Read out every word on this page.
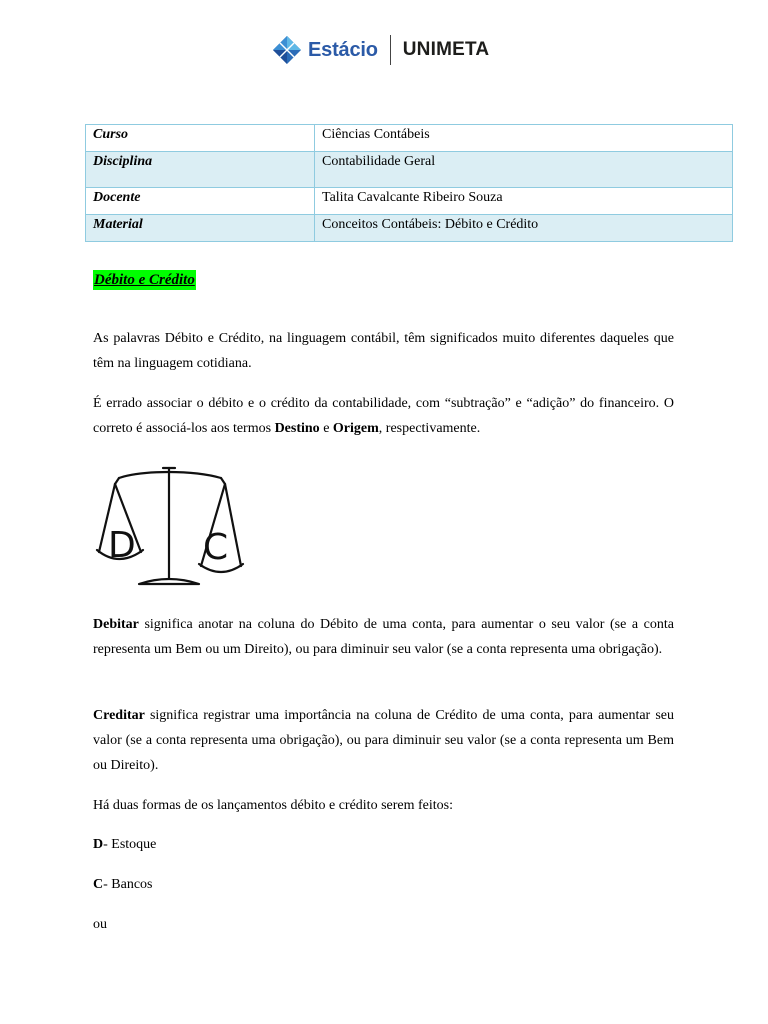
Estácio UNIMETA
Curso	Ciências Contábeis
Disciplina	Contabilidade Geral
Docente	Talita Cavalcante Ribeiro Souza
Material	Conceitos Contábeis: Débito e Crédito
Débito e Crédito

As palavras Débito e Crédito, na linguagem contábil, têm significados muito diferentes daqueles que têm na linguagem cotidiana.

É errado associar o débito e o crédito da contabilidade, com “subtração” e “adição” do financeiro. O correto é associá-los aos termos Destino e Origem, respectivamente.

D C

Debitar significa anotar na coluna do Débito de uma conta, para aumentar o seu valor (se a conta representa um Bem ou um Direito), ou para diminuir seu valor (se a conta representa uma obrigação).

Creditar significa registrar uma importância na coluna de Crédito de uma conta, para aumentar seu valor (se a conta representa uma obrigação), ou para diminuir seu valor (se a conta representa um Bem ou Direito).

Há duas formas de os lançamentos débito e crédito serem feitos:

D- Estoque
C- Bancos
ou
